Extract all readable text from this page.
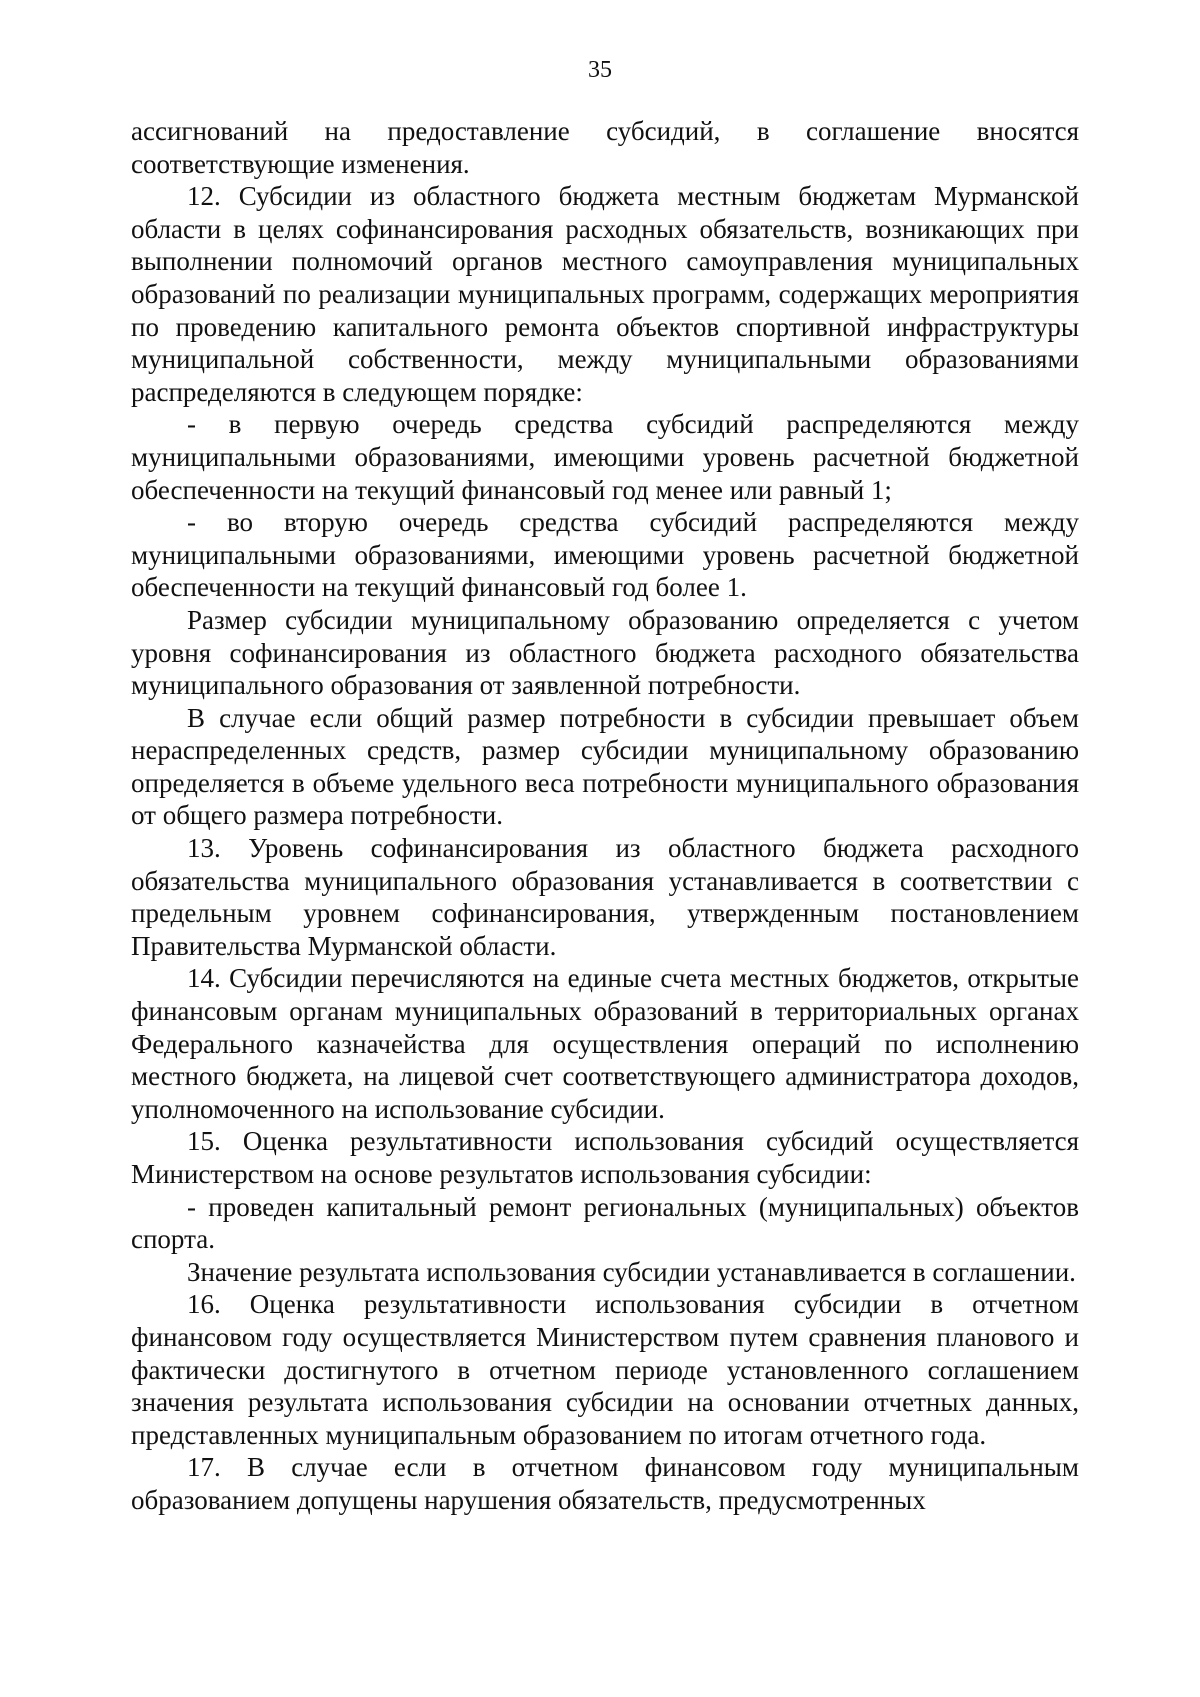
35

ассигнований на предоставление субсидий, в соглашение вносятся соответствующие изменения.

12. Субсидии из областного бюджета местным бюджетам Мурманской области в целях софинансирования расходных обязательств, возникающих при выполнении полномочий органов местного самоуправления муниципальных образований по реализации муниципальных программ, содержащих мероприятия по проведению капитального ремонта объектов спортивной инфраструктуры муниципальной собственности, между муниципальными образованиями распределяются в следующем порядке:

- в первую очередь средства субсидий распределяются между муниципальными образованиями, имеющими уровень расчетной бюджетной обеспеченности на текущий финансовый год менее или равный 1;

- во вторую очередь средства субсидий распределяются между муниципальными образованиями, имеющими уровень расчетной бюджетной обеспеченности на текущий финансовый год более 1.

Размер субсидии муниципальному образованию определяется с учетом уровня софинансирования из областного бюджета расходного обязательства муниципального образования от заявленной потребности.

В случае если общий размер потребности в субсидии превышает объем нераспределенных средств, размер субсидии муниципальному образованию определяется в объеме удельного веса потребности муниципального образования от общего размера потребности.

13. Уровень софинансирования из областного бюджета расходного обязательства муниципального образования устанавливается в соответствии с предельным уровнем софинансирования, утвержденным постановлением Правительства Мурманской области.

14. Субсидии перечисляются на единые счета местных бюджетов, открытые финансовым органам муниципальных образований в территориальных органах Федерального казначейства для осуществления операций по исполнению местного бюджета, на лицевой счет соответствующего администратора доходов, уполномоченного на использование субсидии.

15. Оценка результативности использования субсидий осуществляется Министерством на основе результатов использования субсидии:

- проведен капитальный ремонт региональных (муниципальных) объектов спорта.

Значение результата использования субсидии устанавливается в соглашении.

16. Оценка результативности использования субсидии в отчетном финансовом году осуществляется Министерством путем сравнения планового и фактически достигнутого в отчетном периоде установленного соглашением значения результата использования субсидии на основании отчетных данных, представленных муниципальным образованием по итогам отчетного года.

17. В случае если в отчетном финансовом году муниципальным образованием допущены нарушения обязательств, предусмотренных
